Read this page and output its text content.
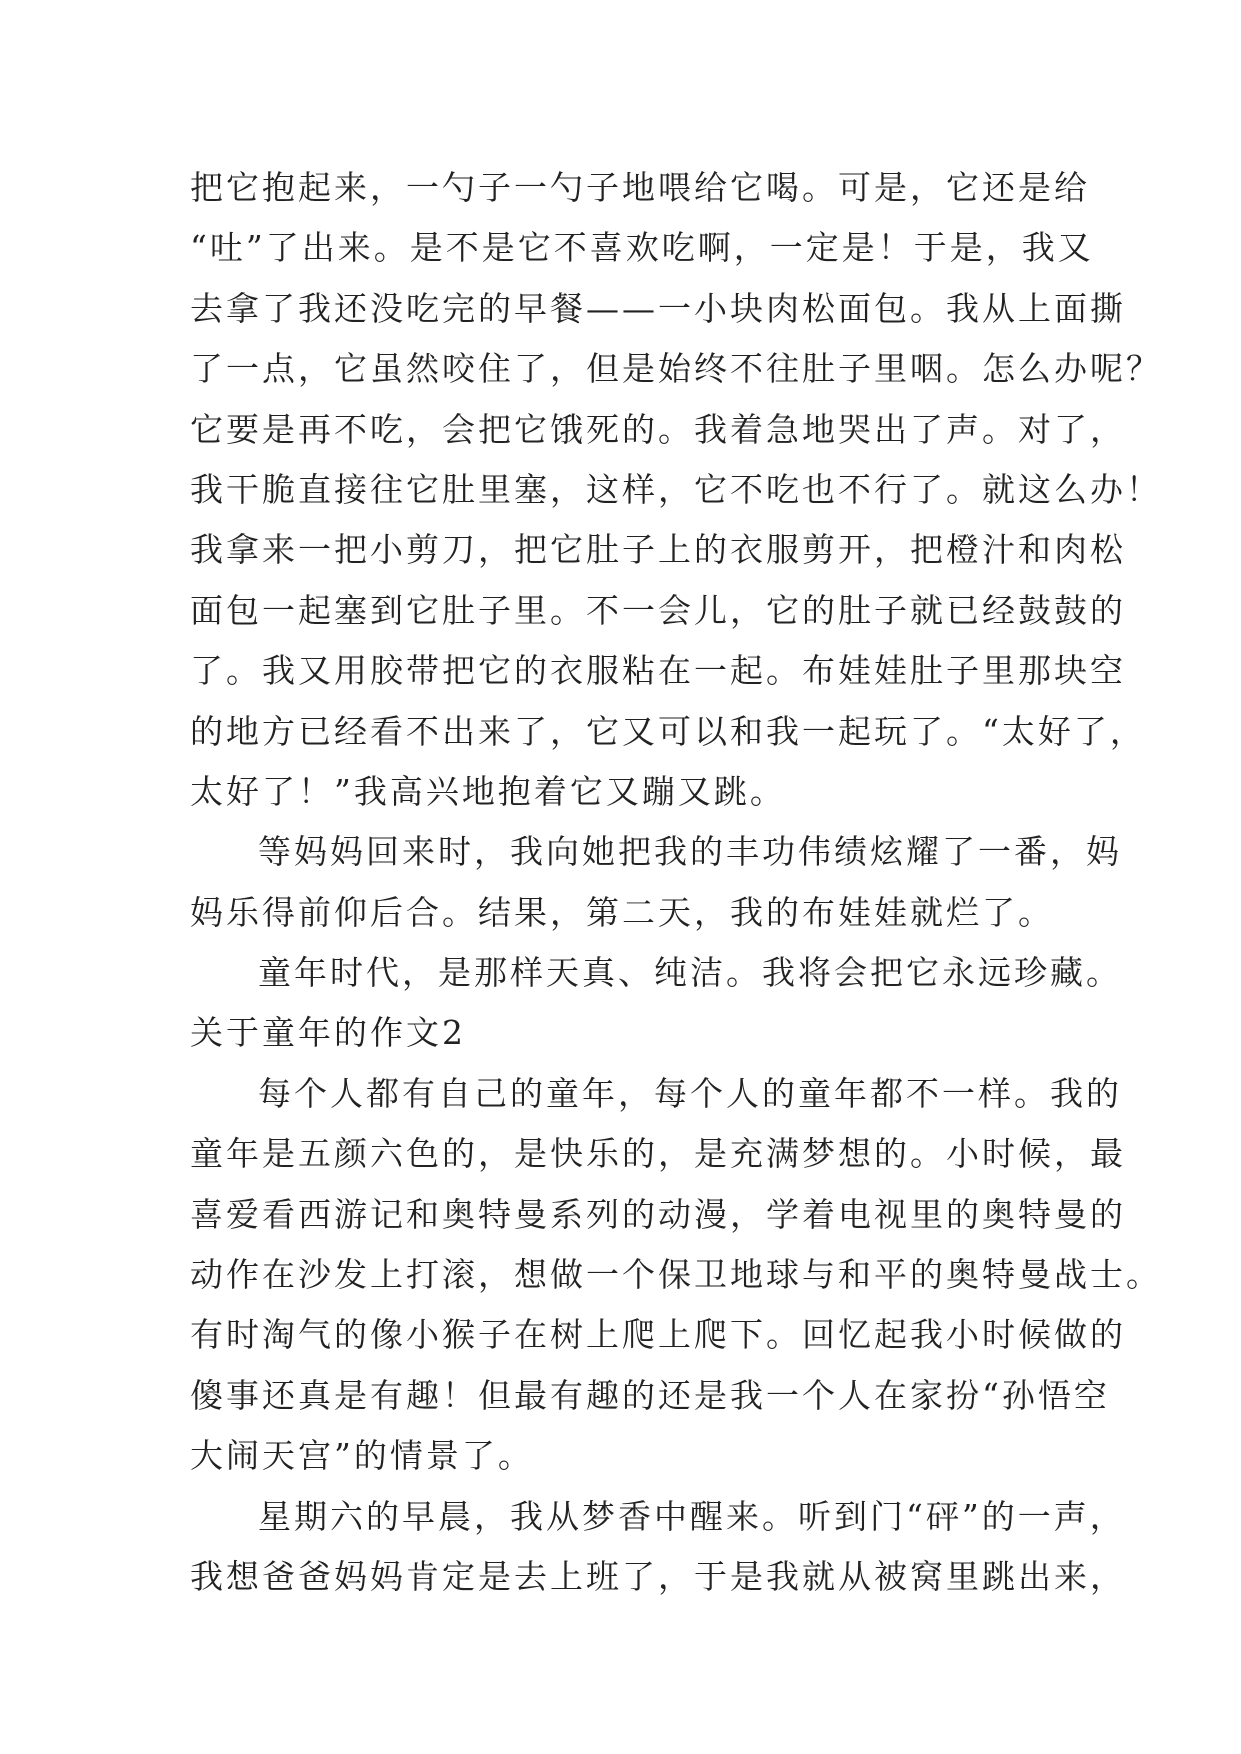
把它抱起来，一勺子一勺子地喂给它喝。可是，它还是给
“吐”了出来。是不是它不喜欢吃啊，一定是！于是，我又
去拿了我还没吃完的早餐——一小块肉松面包。我从上面撕
了一点，它虽然咬住了，但是始终不往肚子里咽。怎么办呢？
它要是再不吃，会把它饿死的。我着急地哭出了声。对了，
我干脆直接往它肚里塞，这样，它不吃也不行了。就这么办！
我拿来一把小剪刀，把它肚子上的衣服剪开，把橙汁和肉松
面包一起塞到它肚子里。不一会儿，它的肚子就已经鼓鼓的
了。我又用胶带把它的衣服粘在一起。布娃娃肚子里那块空
的地方已经看不出来了，它又可以和我一起玩了。“太好了，
太好了！”我高兴地抱着它又蹦又跳。
等妈妈回来时，我向她把我的丰功伟绩炫耀了一番，妈
妈乐得前仰后合。结果，第二天，我的布娃娃就烂了。
童年时代，是那样天真、纯洁。我将会把它永远珍藏。
关于童年的作文2
每个人都有自己的童年，每个人的童年都不一样。我的
童年是五颜六色的，是快乐的，是充满梦想的。小时候，最
喜爱看西游记和奥特曼系列的动漫，学着电视里的奥特曼的
动作在沙发上打滚，想做一个保卫地球与和平的奥特曼战士。
有时淘气的像小猴子在树上爬上爬下。回忆起我小时候做的
傻事还真是有趣！但最有趣的还是我一个人在家扮“孙悟空
大闹天宫”的情景了。
星期六的早晨，我从梦香中醒来。听到门“砰”的一声，
我想爸爸妈妈肯定是去上班了，于是我就从被窝里跳出来，
